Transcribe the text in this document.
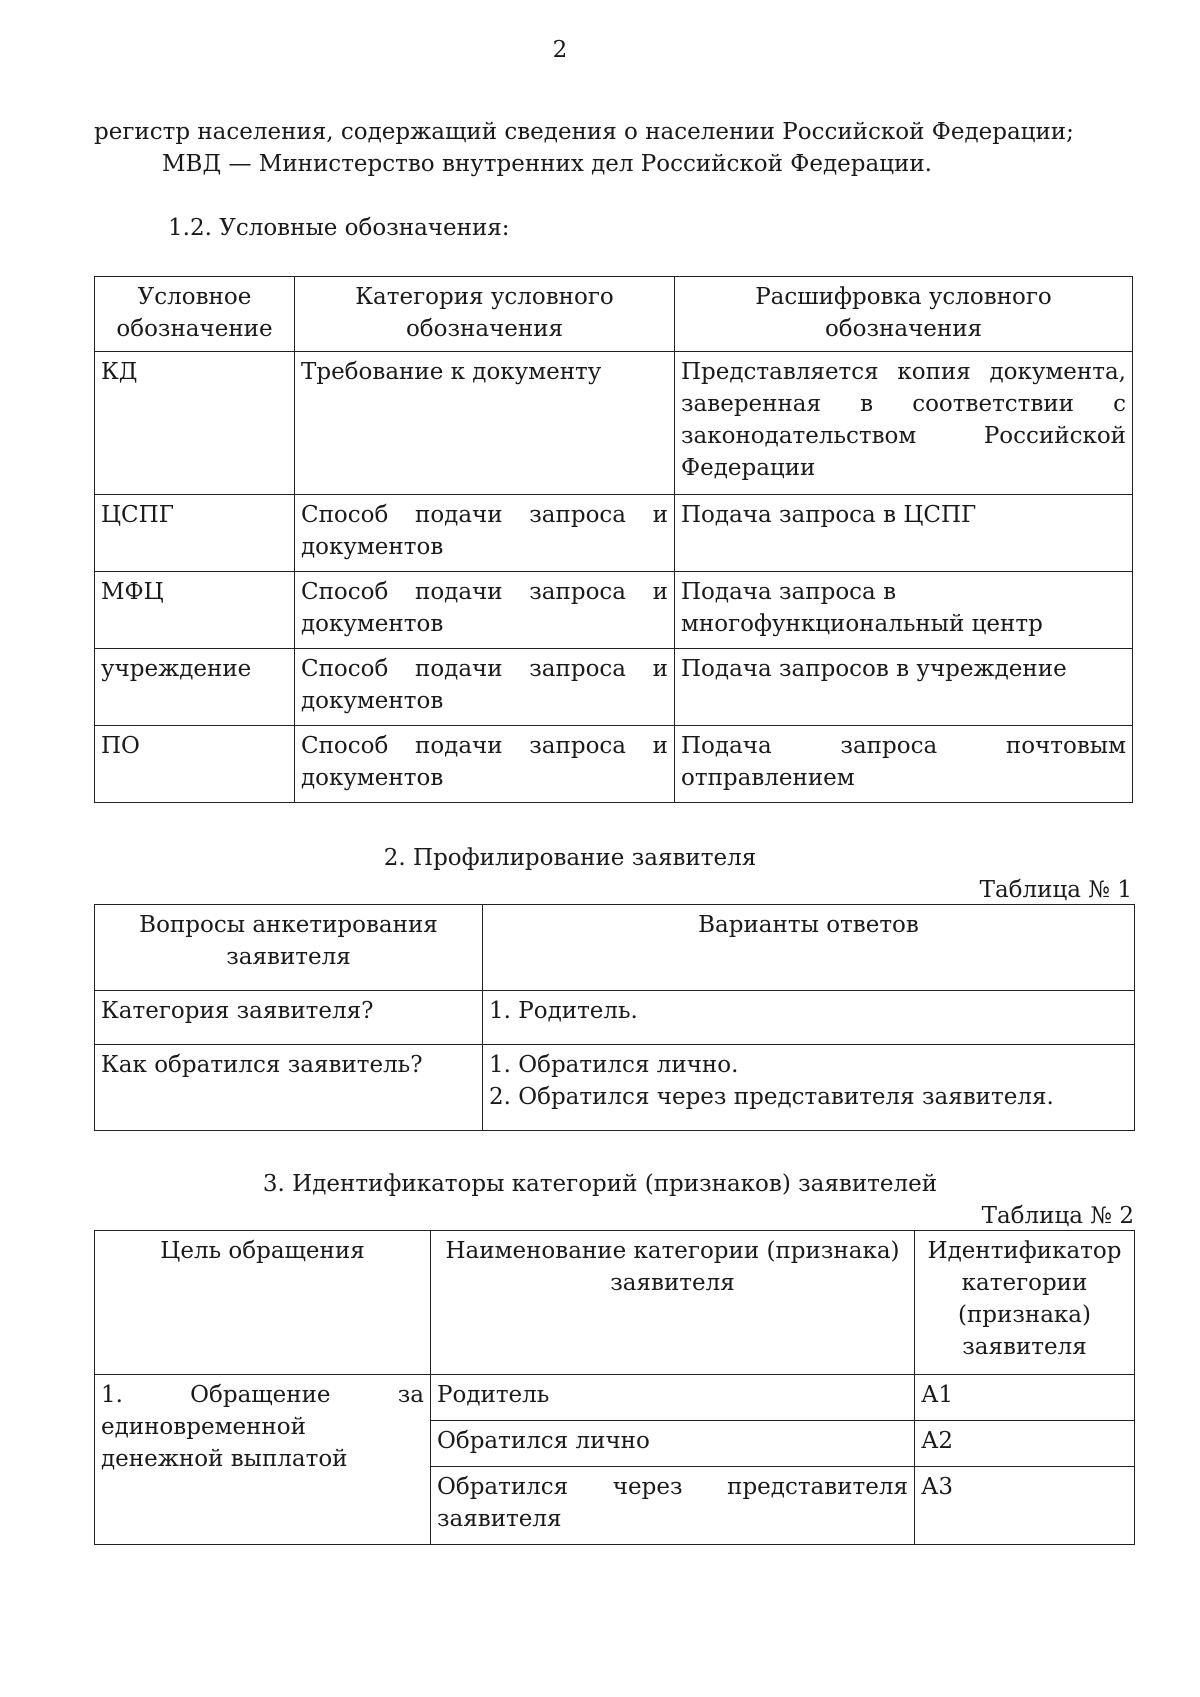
2
регистр населения, содержащий сведения о населении Российской Федерации;
МВД — Министерство внутренних дел Российской Федерации.
1.2. Условные обозначения:
Условное обозначение	Категория условного обозначения	Расшифровка условного обозначения
КД	Требование к документу	Представляется копия документа, заверенная в соответствии с законодательством Российской Федерации
ЦСПГ	Способ подачи запроса и документов	Подача запроса в ЦСПГ
МФЦ	Способ подачи запроса и документов	Подача запроса в многофункциональный центр
учреждение	Способ подачи запроса и документов	Подача запросов в учреждение
ПО	Способ подачи запроса и документов	Подача запроса почтовым отправлением
2. Профилирование заявителя
Таблица № 1
Вопросы анкетирования заявителя	Варианты ответов
Категория заявителя?	1. Родитель.

Как обратился заявитель?	1. Обратился лично.
2. Обратился через представителя заявителя.
3. Идентификаторы категорий (признаков) заявителей
Таблица № 2
Цель обращения	Наименование категории (признака) заявителя	Идентификатор категории (признака) заявителя
1. Обращение за единовременной денежной выплатой	Родитель	А1
	Обратился лично	А2
	Обратился через представителя заявителя	А3
